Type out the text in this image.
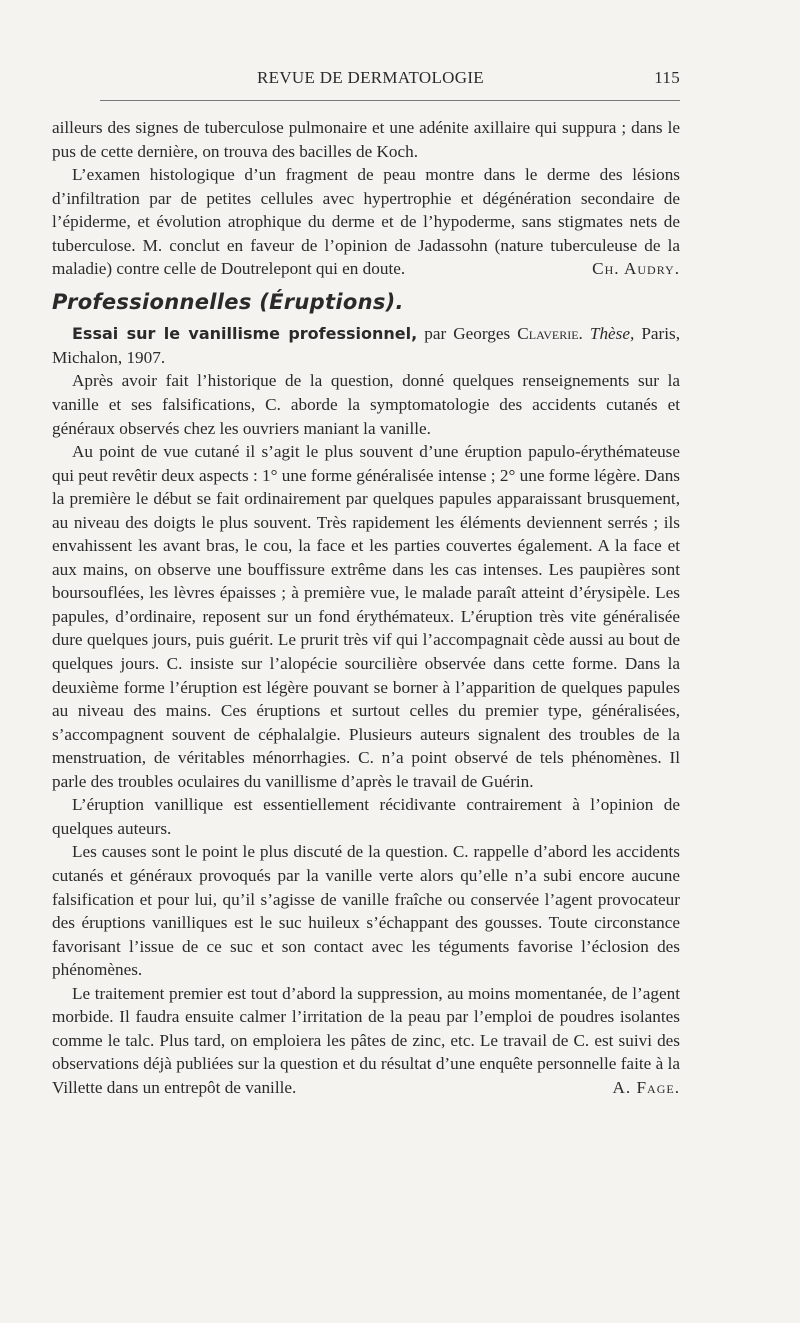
REVUE DE DERMATOLOGIE	115

ailleurs des signes de tuberculose pulmonaire et une adénite axillaire qui suppura ; dans le pus de cette dernière, on trouva des bacilles de Koch.

L’examen histologique d’un fragment de peau montre dans le derme des lésions d’infiltration par de petites cellules avec hypertrophie et dégénération secondaire de l’épiderme, et évolution atrophique du derme et de l’hypoderme, sans stigmates nets de tuberculose. M. conclut en faveur de l’opinion de Jadassohn (nature tuberculeuse de la maladie) contre celle de Doutrelepont qui en doute.	Ch. Audry.

Professionnelles (Éruptions).

Essai sur le vanillisme professionnel, par Georges Claverie. Thèse, Paris, Michalon, 1907.

Après avoir fait l’historique de la question, donné quelques renseignements sur la vanille et ses falsifications, C. aborde la symptomatologie des accidents cutanés et généraux observés chez les ouvriers maniant la vanille.

Au point de vue cutané il s’agit le plus souvent d’une éruption papulo-érythémateuse qui peut revêtir deux aspects : 1° une forme généralisée intense ; 2° une forme légère. Dans la première le début se fait ordinairement par quelques papules apparaissant brusquement, au niveau des doigts le plus souvent. Très rapidement les éléments deviennent serrés ; ils envahissent les avant bras, le cou, la face et les parties couvertes également. A la face et aux mains, on observe une bouffissure extrême dans les cas intenses. Les paupières sont boursouflées, les lèvres épaisses ; à première vue, le malade paraît atteint d’érysipèle. Les papules, d’ordinaire, reposent sur un fond érythémateux. L’éruption très vite généralisée dure quelques jours, puis guérit. Le prurit très vif qui l’accompagnait cède aussi au bout de quelques jours. C. insiste sur l’alopécie sourcilière observée dans cette forme. Dans la deuxième forme l’éruption est légère pouvant se borner à l’apparition de quelques papules au niveau des mains. Ces éruptions et surtout celles du premier type, généralisées, s’accompagnent souvent de céphalalgie. Plusieurs auteurs signalent des troubles de la menstruation, de véritables ménorrhagies. C. n’a point observé de tels phénomènes. Il parle des troubles oculaires du vanillisme d’après le travail de Guérin.

L’éruption vanillique est essentiellement récidivante contrairement à l’opinion de quelques auteurs.

Les causes sont le point le plus discuté de la question. C. rappelle d’abord les accidents cutanés et généraux provoqués par la vanille verte alors qu’elle n’a subi encore aucune falsification et pour lui, qu’il s’agisse de vanille fraîche ou conservée l’agent provocateur des éruptions vanilliques est le suc huileux s’échappant des gousses. Toute circonstance favorisant l’issue de ce suc et son contact avec les téguments favorise l’éclosion des phénomènes.

Le traitement premier est tout d’abord la suppression, au moins momentanée, de l’agent morbide. Il faudra ensuite calmer l’irritation de la peau par l’emploi de poudres isolantes comme le talc. Plus tard, on emploiera les pâtes de zinc, etc. Le travail de C. est suivi des observations déjà publiées sur la question et du résultat d’une enquête personnelle faite à la Villette dans un entrepôt de vanille.	A. Fage.
